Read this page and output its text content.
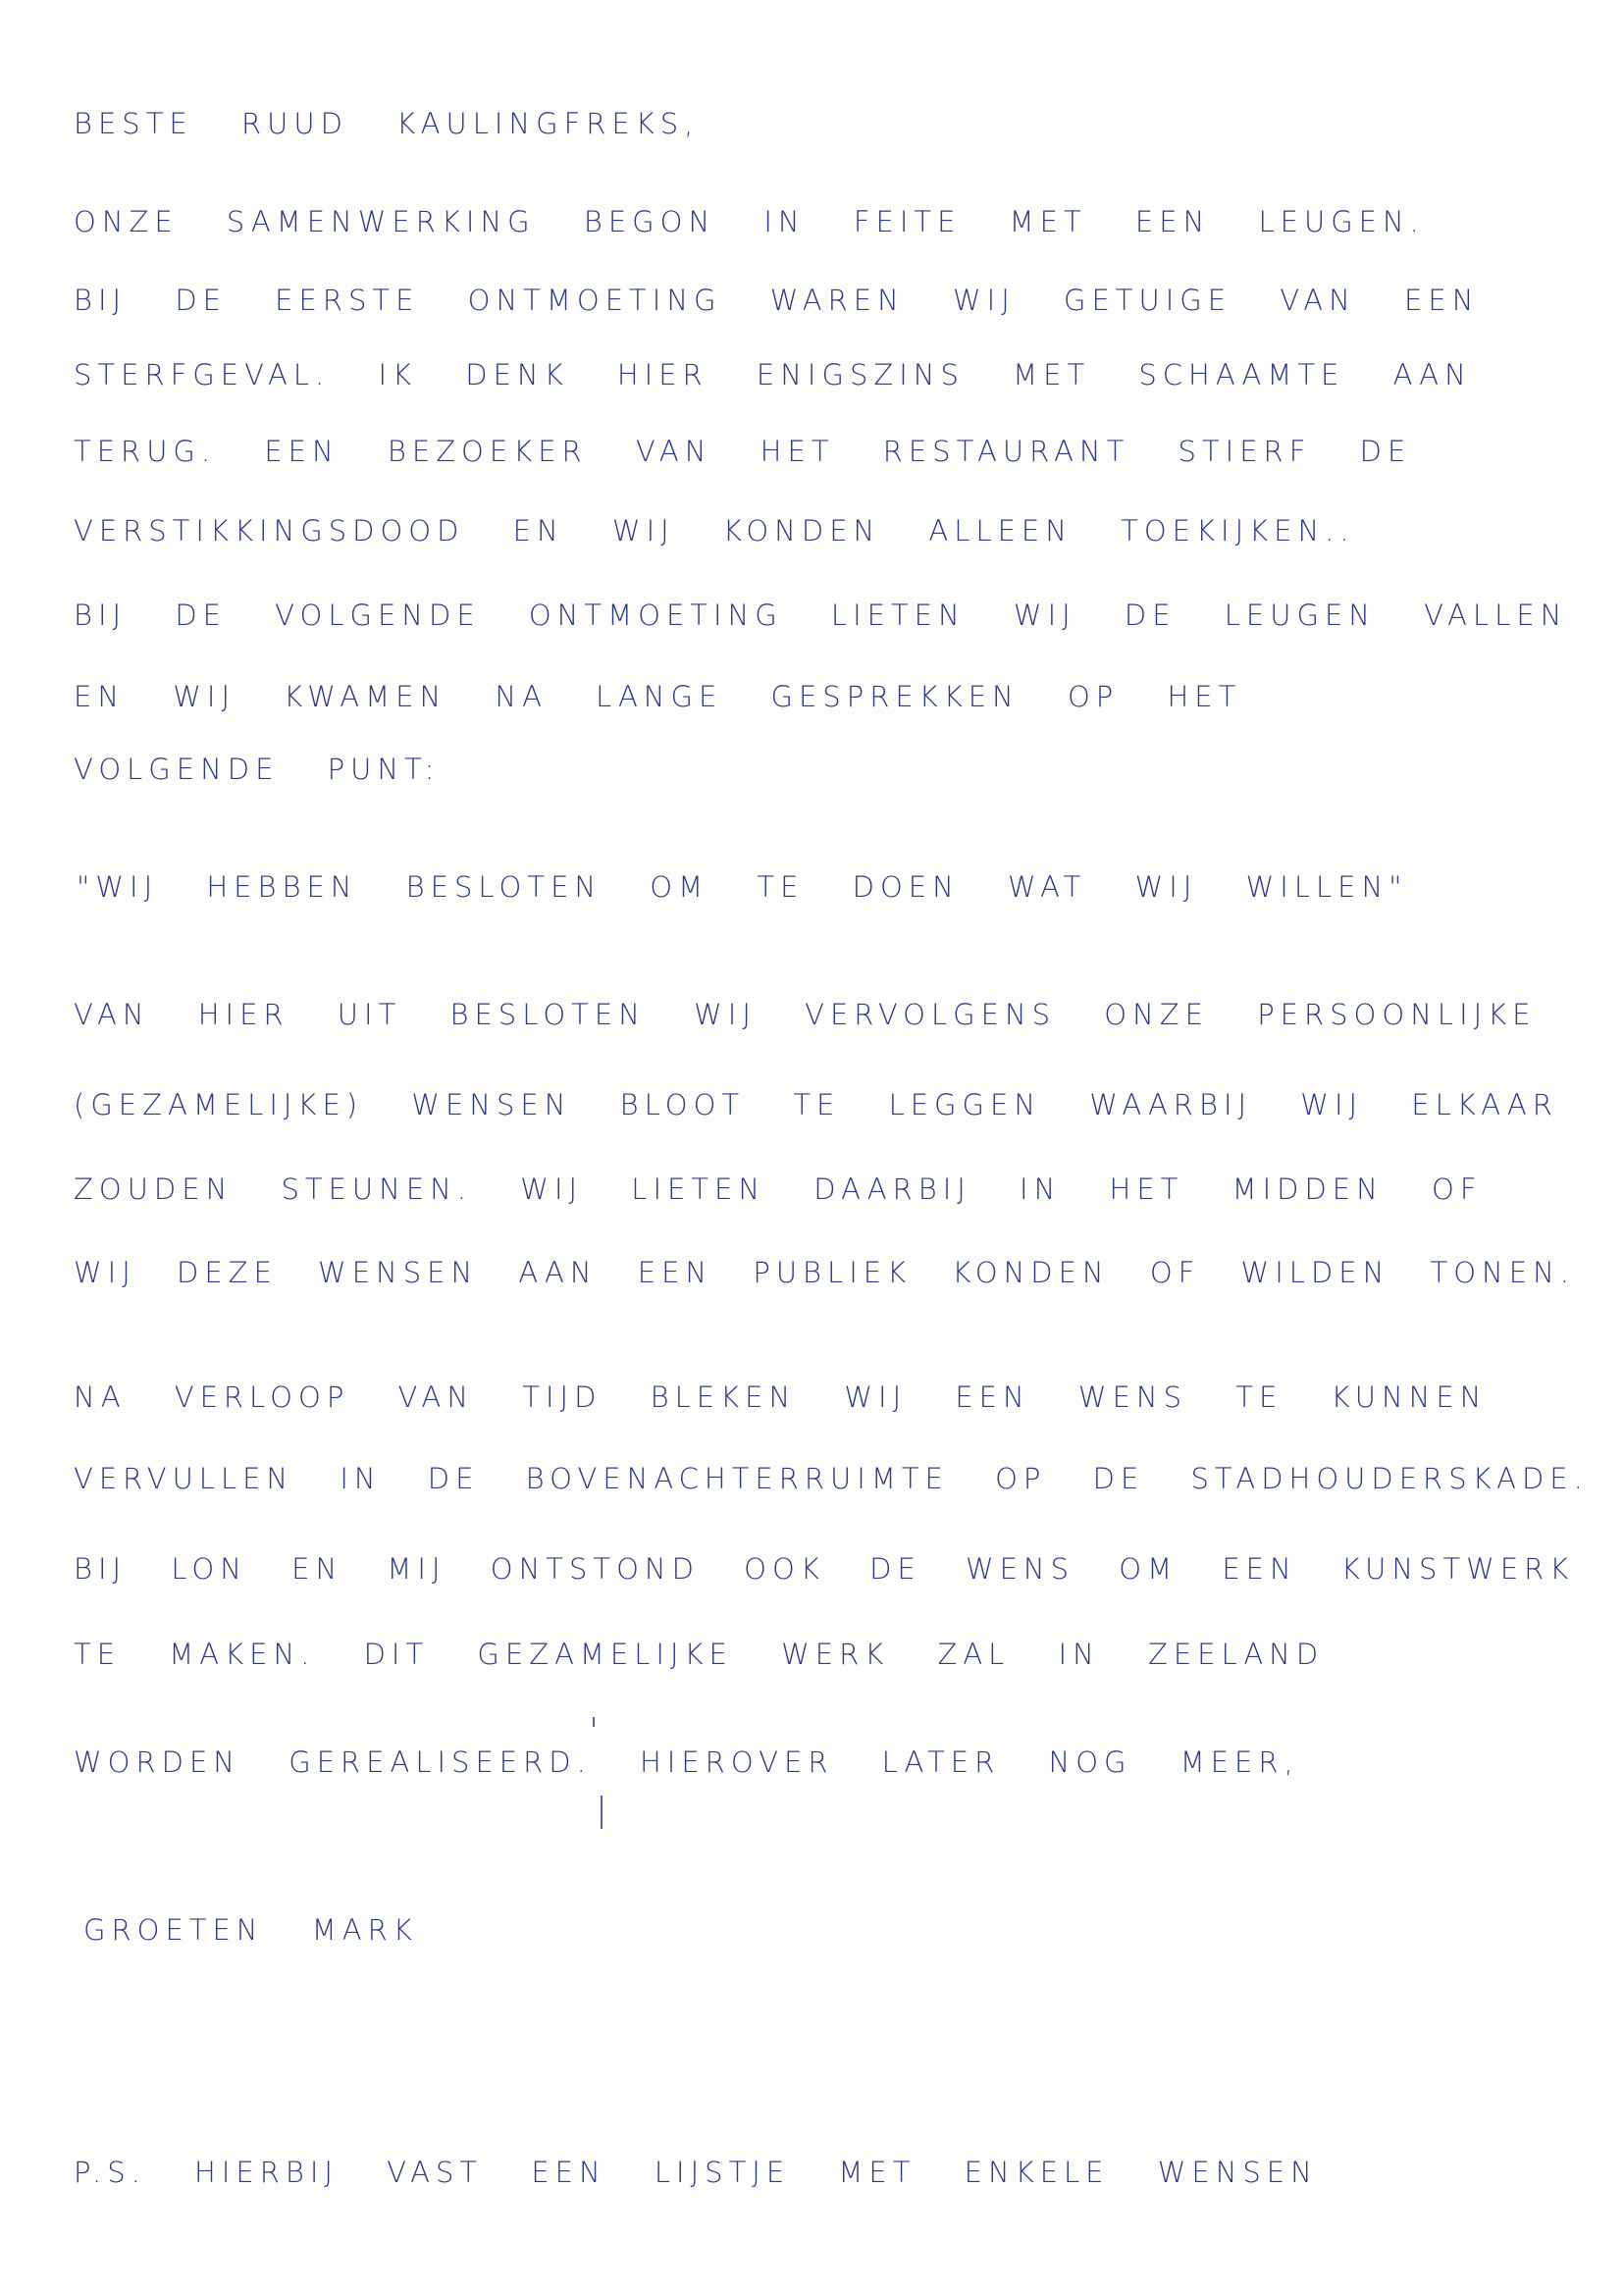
BESTE RUUD KAULINGFREKS,
ONZE SAMENWERKING BEGON IN FEITE MET EEN LEUGEN.
BIJ DE EERSTE ONTMOETING WAREN WIJ GETUIGE VAN EEN
STERFGEVAL. IK DENK HIER ENIGSZINS MET SCHAAMTE AAN
TERUG. EEN BEZOEKER VAN HET RESTAURANT STIERF DE
VERSTIKKINGSDOOD EN WIJ KONDEN ALLEEN TOEKIJKEN..
BIJ DE VOLGENDE ONTMOETING LIETEN WIJ DE LEUGEN VALLEN
EN WIJ KWAMEN NA LANGE GESPREKKEN OP HET
VOLGENDE PUNT:
"WIJ HEBBEN BESLOTEN OM TE DOEN WAT WIJ WILLEN"
VAN HIER UIT BESLOTEN WIJ VERVOLGENS ONZE PERSOONLIJKE
(GEZAMELIJKE) WENSEN BLOOT TE LEGGEN WAARBIJ WIJ ELKAAR
ZOUDEN STEUNEN. WIJ LIETEN DAARBIJ IN HET MIDDEN OF
WIJ DEZE WENSEN AAN EEN PUBLIEK KONDEN OF WILDEN TONEN.
NA VERLOOP VAN TIJD BLEKEN WIJ EEN WENS TE KUNNEN
VERVULLEN IN DE BOVENACHTERRUIMTE OP DE STADHOUDERSKADE.
BIJ LON EN MIJ ONTSTOND OOK DE WENS OM EEN KUNSTWERK
TE MAKEN. DIT GEZAMELIJKE WERK ZAL IN ZEELAND
WORDEN GEREALISEERD. HIEROVER LATER NOG MEER,
GROETEN MARK
P.S. HIERBIJ VAST EEN LIJSTJE MET ENKELE WENSEN
